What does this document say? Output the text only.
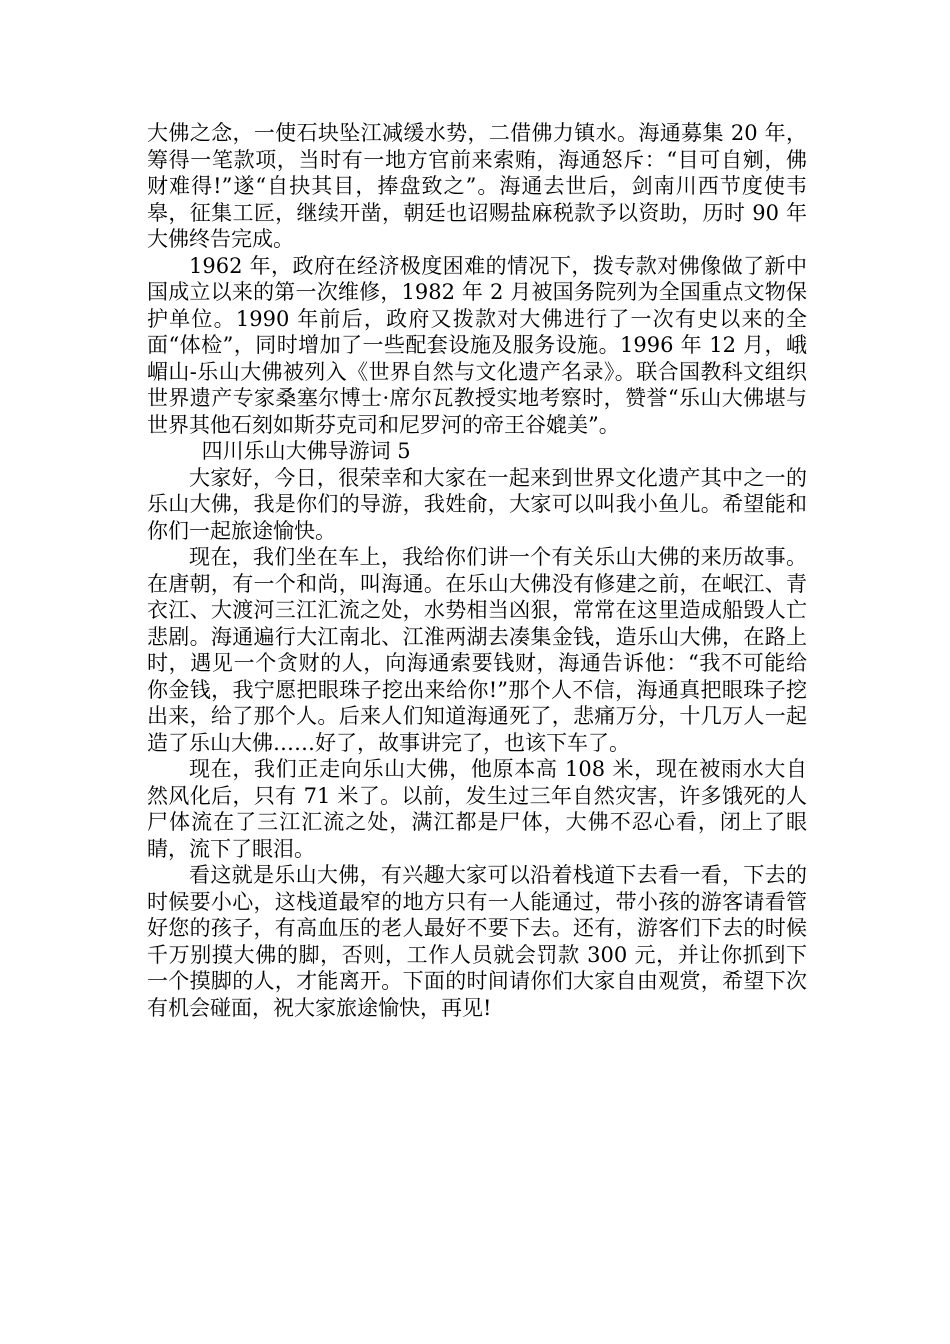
大佛之念，一使石块坠江减缓水势，二借佛力镇水。海通募集 20 年，筹得一笔款项，当时有一地方官前来索贿，海通怒斥：“目可自剜，佛财难得!”遂“自抉其目，捧盘致之”。海通去世后，剑南川西节度使韦皋，征集工匠，继续开凿，朝廷也诏赐盐麻税款予以资助，历时 90 年大佛终告完成。

1962 年，政府在经济极度困难的情况下，拨专款对佛像做了新中国成立以来的第一次维修，1982 年 2 月被国务院列为全国重点文物保护单位。1990 年前后，政府又拨款对大佛进行了一次有史以来的全面“体检”，同时增加了一些配套设施及服务设施。1996 年 12 月，峨嵋山-乐山大佛被列入《世界自然与文化遗产名录》。联合国教科文组织世界遗产专家桑塞尔博士·席尔瓦教授实地考察时，赞誉“乐山大佛堪与世界其他石刻如斯芬克司和尼罗河的帝王谷媲美”。

四川乐山大佛导游词 5

大家好，今日，很荣幸和大家在一起来到世界文化遗产其中之一的乐山大佛，我是你们的导游，我姓俞，大家可以叫我小鱼儿。希望能和你们一起旅途愉快。

现在，我们坐在车上，我给你们讲一个有关乐山大佛的来历故事。在唐朝，有一个和尚，叫海通。在乐山大佛没有修建之前，在岷江、青衣江、大渡河三江汇流之处，水势相当凶狠，常常在这里造成船毁人亡悲剧。海通遍行大江南北、江淮两湖去凑集金钱，造乐山大佛，在路上时，遇见一个贪财的人，向海通索要钱财，海通告诉他：“我不可能给你金钱，我宁愿把眼珠子挖出来给你!”那个人不信，海通真把眼珠子挖出来，给了那个人。后来人们知道海通死了，悲痛万分，十几万人一起造了乐山大佛……好了，故事讲完了，也该下车了。

现在，我们正走向乐山大佛，他原本高 108 米，现在被雨水大自然风化后，只有 71 米了。以前，发生过三年自然灾害，许多饿死的人尸体流在了三江汇流之处，满江都是尸体，大佛不忍心看，闭上了眼睛，流下了眼泪。

看这就是乐山大佛，有兴趣大家可以沿着栈道下去看一看，下去的时候要小心，这栈道最窄的地方只有一人能通过，带小孩的游客请看管好您的孩子，有高血压的老人最好不要下去。还有，游客们下去的时候千万别摸大佛的脚，否则，工作人员就会罚款 300 元，并让你抓到下一个摸脚的人，才能离开。下面的时间请你们大家自由观赏，希望下次有机会碰面，祝大家旅途愉快，再见!
